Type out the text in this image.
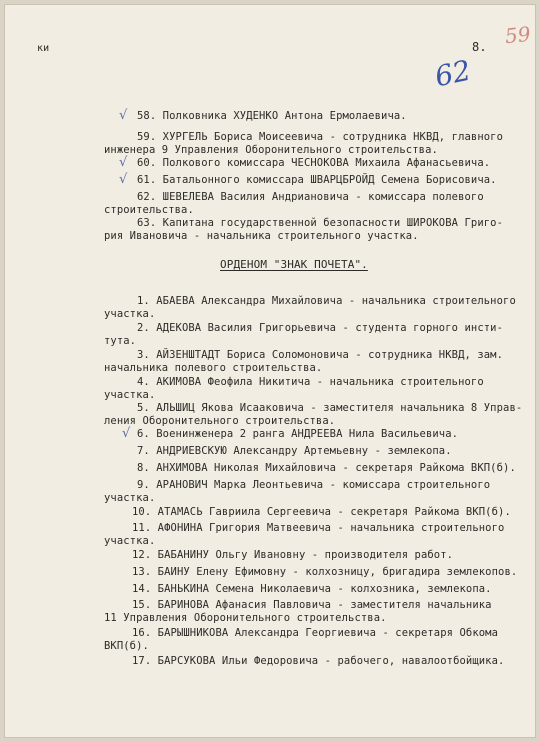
ки	8. 59
62
√ 58. Полковника ХУДЕНКО Антона Ермолаевича.
59. ХУРГЕЛЬ Бориса Моисеевича - сотрудника НКВД, главного
инженера 9 Управления Оборонительного строительства.
√ 60. Полкового комиссара ЧЕСНОКОВА Михаила Афанасьевича.
√ 61. Батальонного комиссара ШВАРЦБРОЙД Семена Борисовича.
62. ШЕВЕЛЕВА Василия Андриановича - комиссара полевого
строительства.
63. Капитана государственной безопасности ШИРОКОВА Григо-
рия Ивановича - начальника строительного участка.
ОРДЕНОМ "ЗНАК ПОЧЕТА".
1. АБАЕВА Александра Михайловича - начальника строительного
участка.
2. АДЕКОВА Василия Григорьевича - студента горного инсти-
тута.
3. АЙЗЕНШТАДТ Бориса Соломоновича - сотрудника НКВД, зам.
начальника полевого строительства.
4. АКИМОВА Феофила Никитича - начальника строительного
участка.
5. АЛЬШИЦ Якова Исааковича - заместителя начальника 8 Управ-
ления Оборонительного строительства.
√ 6. Военинженера 2 ранга АНДРЕЕВА Нила Васильевича.
7. АНДРИЕВСКУЮ Александру Артемьевну - землекопа.
8. АНХИМОВА Николая Михайловича - секретаря Райкома ВКП(б).
9. АРАНОВИЧ Марка Леонтьевича - комиссара строительного
участка.
10. АТАМАСЬ Гавриила Сергеевича - секретаря Райкома ВКП(б).
11. АФОНИНА Григория Матвеевича - начальника строительного
участка.
12. БАБАНИНУ Ольгу Ивановну - производителя работ.
13. БАИНУ Елену Ефимовну - колхозницу, бригадира землекопов.
14. БАНЬКИНА Семена Николаевича - колхозника, землекопа.
15. БАРИНОВА Афанасия Павловича - заместителя начальника
11 Управления Оборонительного строительства.
16. БАРЫШНИКОВА Александра Георгиевича - секретаря Обкома
ВКП(б).
17. БАРСУКОВА Ильи Федоровича - рабочего, навалоотбойщика.
